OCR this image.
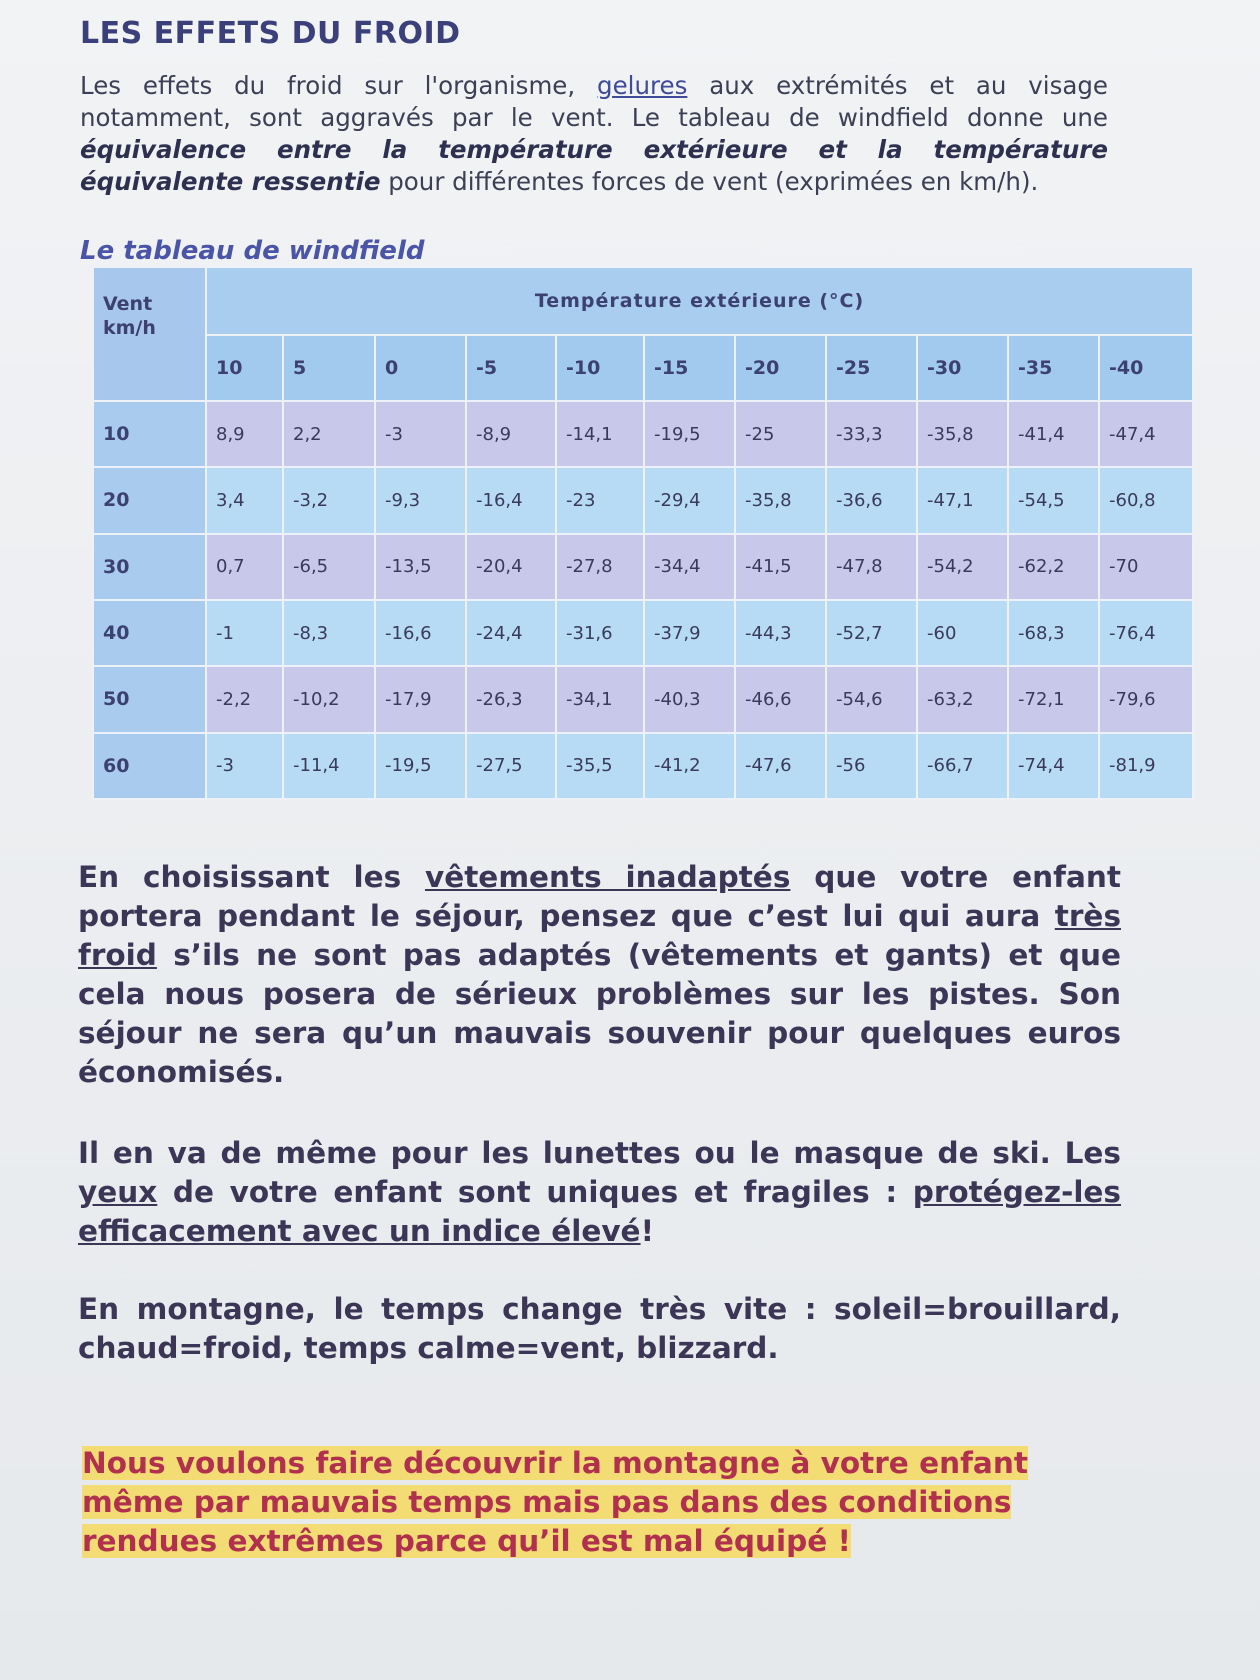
LES EFFETS DU FROID
Les effets du froid sur l'organisme, gelures aux extrémités et au visage notamment, sont aggravés par le vent. Le tableau de windfield donne une équivalence entre la température extérieure et la température équivalente ressentie pour différentes forces de vent (exprimées en km/h).
Le tableau de windfield
Vent
km/h	Température extérieure (°C)										
	10	5	0	-5	-10	-15	-20	-25	-30	-35	-40
10	8,9	2,2	-3	-8,9	-14,1	-19,5	-25	-33,3	-35,8	-41,4	-47,4
20	3,4	-3,2	-9,3	-16,4	-23	-29,4	-35,8	-36,6	-47,1	-54,5	-60,8
30	0,7	-6,5	-13,5	-20,4	-27,8	-34,4	-41,5	-47,8	-54,2	-62,2	-70
40	-1	-8,3	-16,6	-24,4	-31,6	-37,9	-44,3	-52,7	-60	-68,3	-76,4
50	-2,2	-10,2	-17,9	-26,3	-34,1	-40,3	-46,6	-54,6	-63,2	-72,1	-79,6
60	-3	-11,4	-19,5	-27,5	-35,5	-41,2	-47,6	-56	-66,7	-74,4	-81,9
En choisissant les vêtements inadaptés que votre enfant portera pendant le séjour, pensez que c’est lui qui aura très froid s’ils ne sont pas adaptés (vêtements et gants) et que cela nous posera de sérieux problèmes sur les pistes. Son séjour ne sera qu’un mauvais souvenir pour quelques euros économisés.
Il en va de même pour les lunettes ou le masque de ski. Les yeux de votre enfant sont uniques et fragiles : protégez-les efficacement avec un indice élevé!
En montagne, le temps change très vite : soleil=brouillard, chaud=froid, temps calme=vent, blizzard.
Nous voulons faire découvrir la montagne à votre enfant même par mauvais temps mais pas dans des conditions rendues extrêmes parce qu’il est mal équipé !
